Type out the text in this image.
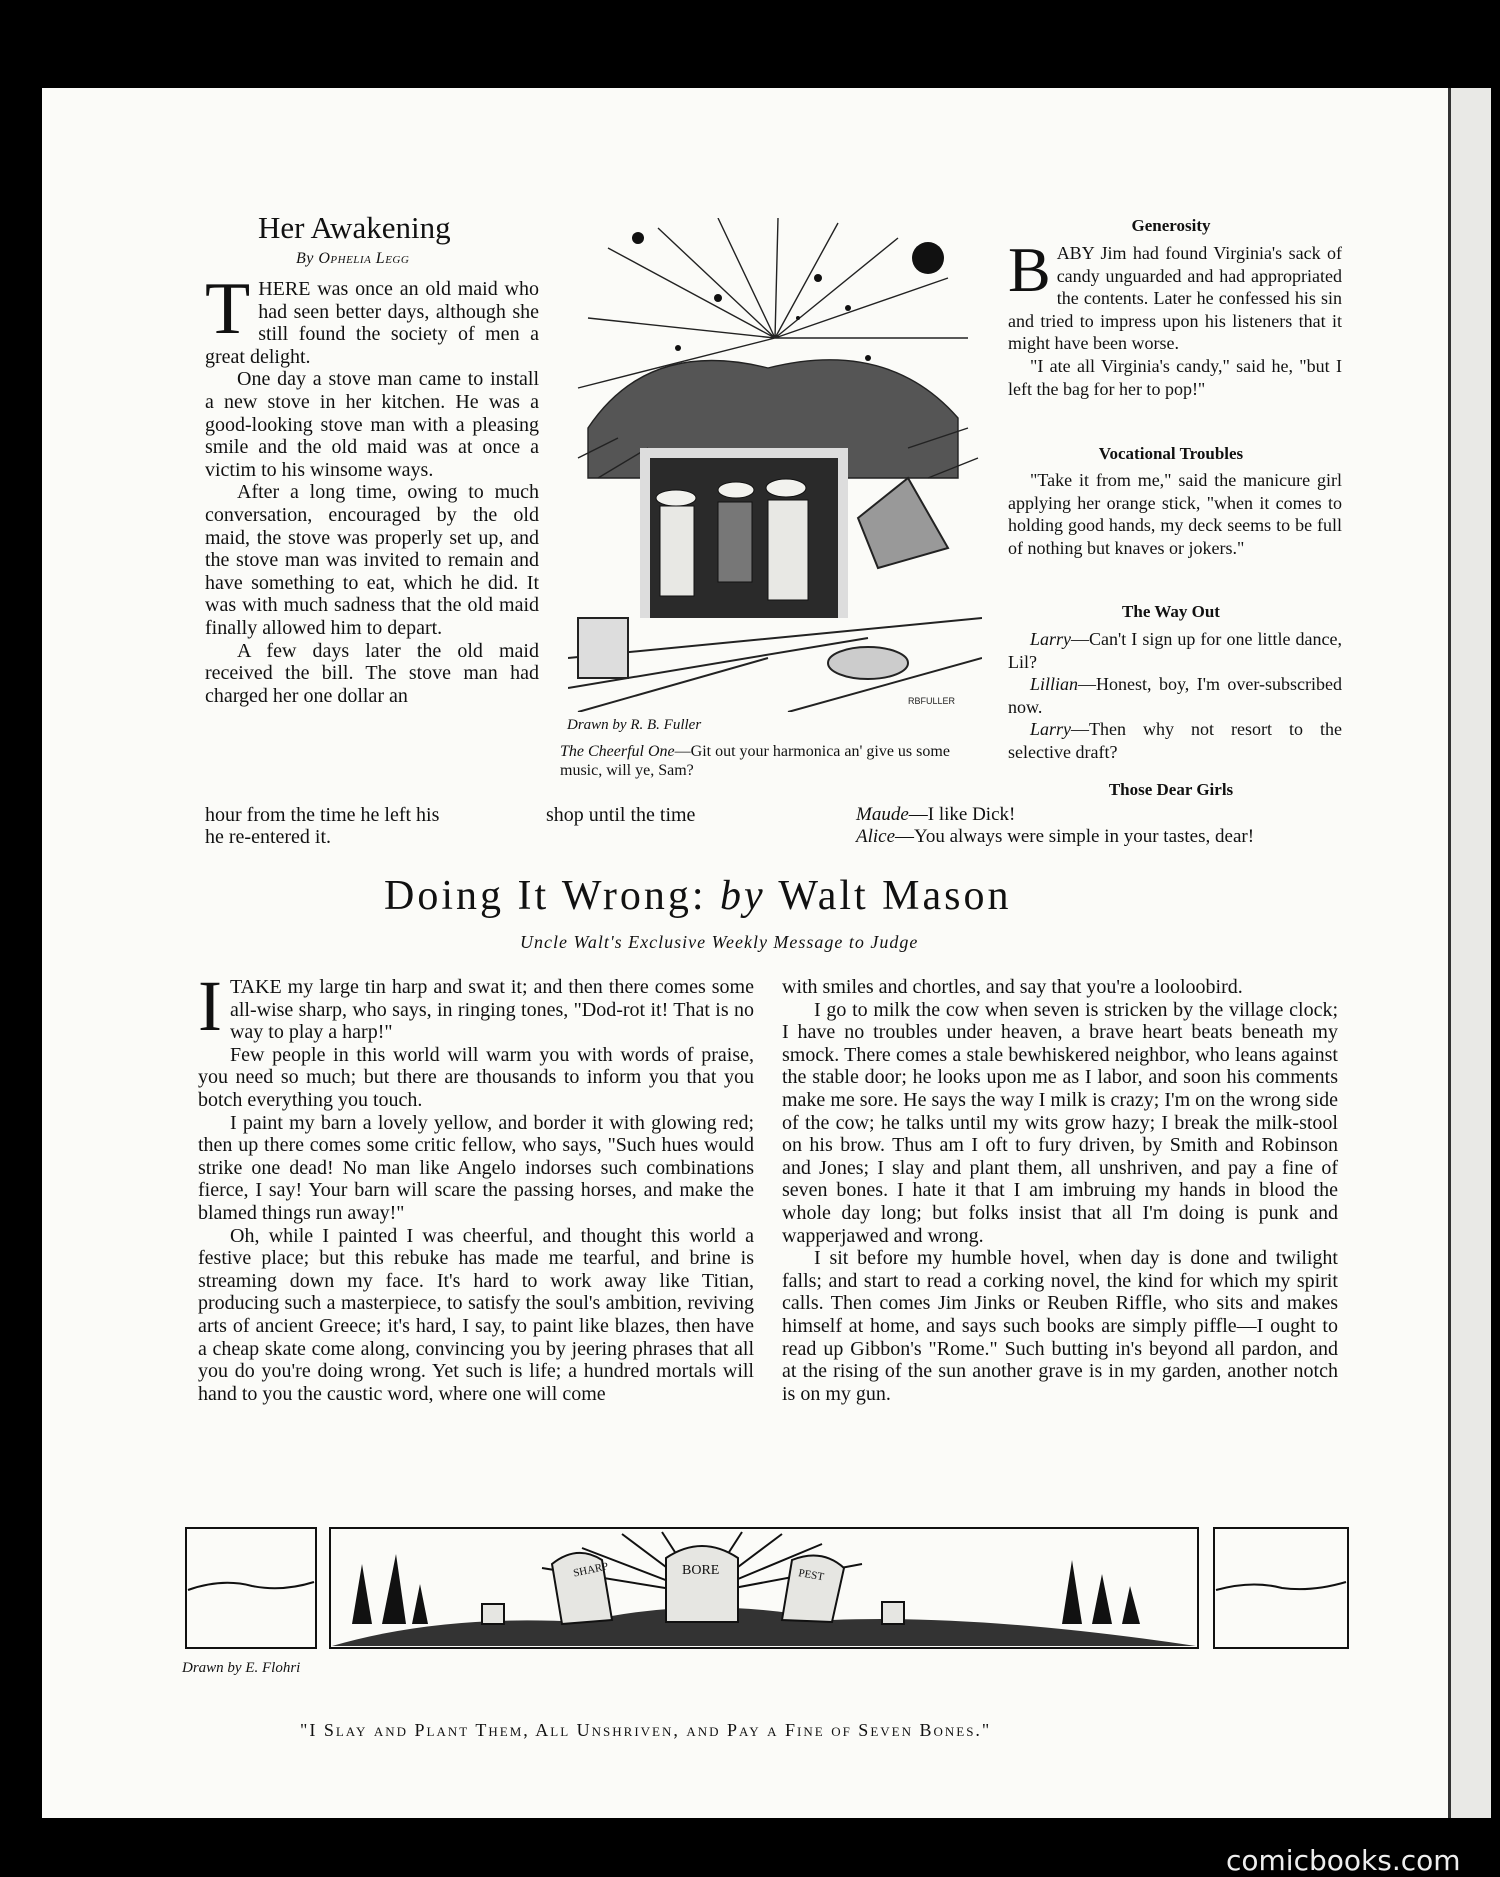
Her Awakening
By Ophelia Legg

THERE was once an old maid who had seen better days, although she still found the society of men a great delight.

One day a stove man came to install a new stove in her kitchen. He was a good-looking stove man with a pleasing smile and the old maid was at once a victim to his winsome ways.

After a long time, owing to much conversation, encouraged by the old maid, the stove was properly set up, and the stove man was invited to remain and have something to eat, which he did. It was with much sadness that the old maid finally allowed him to depart.

A few days later the old maid received the bill. The stove man had charged her one dollar an

hour from the time he left his	shop until the time
he re-entered it.
RBFULLER
Drawn by R. B. Fuller
The Cheerful One—Git out your harmonica an' give us some music, will ye, Sam?
Generosity

BABY Jim had found Virginia's sack of candy unguarded and had appropriated the contents. Later he confessed his sin and tried to impress upon his listeners that it might have been worse.

"I ate all Virginia's candy," said he, "but I left the bag for her to pop!"

Vocational Troubles

"Take it from me," said the manicure girl applying her orange stick, "when it comes to holding good hands, my deck seems to be full of nothing but knaves or jokers."

The Way Out

Larry—Can't I sign up for one little dance, Lil?

Lillian—Honest, boy, I'm over-subscribed now.

Larry—Then why not resort to the selective draft?

Those Dear Girls
Maude—I like Dick!
Alice—You always were simple in your tastes, dear!
Doing It Wrong: by Walt Mason
Uncle Walt's Exclusive Weekly Message to Judge

ITAKE my large tin harp and swat it; and then there comes some all-wise sharp, who says, in ringing tones, "Dod-rot it! That is no way to play a harp!"

Few people in this world will warm you with words of praise, you need so much; but there are thousands to inform you that you botch everything you touch.

I paint my barn a lovely yellow, and border it with glowing red; then up there comes some critic fellow, who says, "Such hues would strike one dead! No man like Angelo indorses such combinations fierce, I say! Your barn will scare the passing horses, and make the blamed things run away!"

Oh, while I painted I was cheerful, and thought this world a festive place; but this rebuke has made me tearful, and brine is streaming down my face. It's hard to work away like Titian, producing such a masterpiece, to satisfy the soul's ambition, reviving arts of ancient Greece; it's hard, I say, to paint like blazes, then have a cheap skate come along, convincing you by jeering phrases that all you do you're doing wrong. Yet such is life; a hundred mortals will hand to you the caustic word, where one will come

with smiles and chortles, and say that you're a looloobird.

I go to milk the cow when seven is stricken by the village clock; I have no troubles under heaven, a brave heart beats beneath my smock. There comes a stale bewhiskered neighbor, who leans against the stable door; he looks upon me as I labor, and soon his comments make me sore. He says the way I milk is crazy; I'm on the wrong side of the cow; he talks until my wits grow hazy; I break the milk-stool on his brow. Thus am I oft to fury driven, by Smith and Robinson and Jones; I slay and plant them, all unshriven, and pay a fine of seven bones. I hate it that I am imbruing my hands in blood the whole day long; but folks insist that all I'm doing is punk and wapperjawed and wrong.

I sit before my humble hovel, when day is done and twilight falls; and start to read a corking novel, the kind for which my spirit calls. Then comes Jim Jinks or Reuben Riffle, who sits and makes himself at home, and says such books are simply piffle—I ought to read up Gibbon's "Rome." Such butting in's beyond all pardon, and at the rising of the sun another grave is in my garden, another notch is on my gun.

SHARP	BORE	PEST
Drawn by E. Flohri
"I Slay and Plant Them, All Unshriven, and Pay a Fine of Seven Bones."
comicbooks.com
